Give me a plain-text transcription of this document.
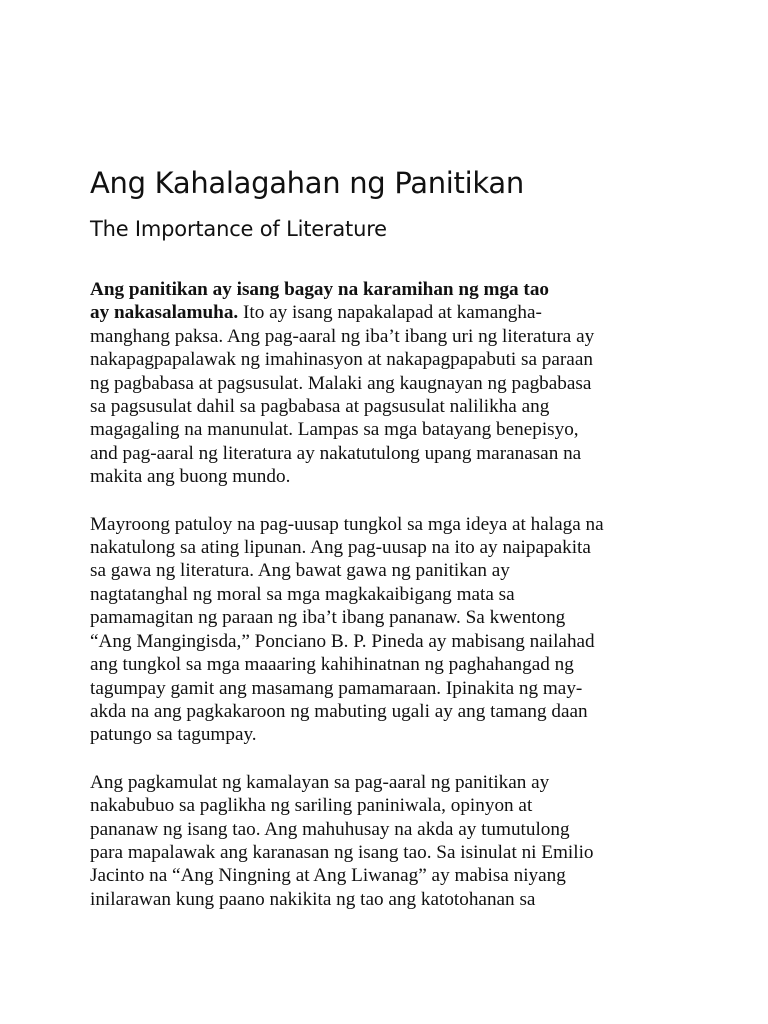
Ang Kahalagahan ng Panitikan
The Importance of Literature

Ang panitikan ay isang bagay na karamihan ng mga tao
ay nakasalamuha. Ito ay isang napakalapad at kamangha-
manghang paksa. Ang pag-aaral ng iba’t ibang uri ng literatura ay
nakapagpapalawak ng imahinasyon at nakapagpapabuti sa paraan
ng pagbabasa at pagsusulat. Malaki ang kaugnayan ng pagbabasa
sa pagsusulat dahil sa pagbabasa at pagsusulat nalilikha ang
magagaling na manunulat. Lampas sa mga batayang benepisyo,
and pag-aaral ng literatura ay nakatutulong upang maranasan na
makita ang buong mundo.

Mayroong patuloy na pag-uusap tungkol sa mga ideya at halaga na
nakatulong sa ating lipunan. Ang pag-uusap na ito ay naipapakita
sa gawa ng literatura. Ang bawat gawa ng panitikan ay
nagtatanghal ng moral sa mga magkakaibigang mata sa
pamamagitan ng paraan ng iba’t ibang pananaw. Sa kwentong
“Ang Mangingisda,” Ponciano B. P. Pineda ay mabisang nailahad
ang tungkol sa mga maaaring kahihinatnan ng paghahangad ng
tagumpay gamit ang masamang pamamaraan. Ipinakita ng may-
akda na ang pagkakaroon ng mabuting ugali ay ang tamang daan
patungo sa tagumpay.

Ang pagkamulat ng kamalayan sa pag-aaral ng panitikan ay
nakabubuo sa paglikha ng sariling paniniwala, opinyon at
pananaw ng isang tao. Ang mahuhusay na akda ay tumutulong
para mapalawak ang karanasan ng isang tao. Sa isinulat ni Emilio
Jacinto na “Ang Ningning at Ang Liwanag” ay mabisa niyang
inilarawan kung paano nakikita ng tao ang katotohanan sa
